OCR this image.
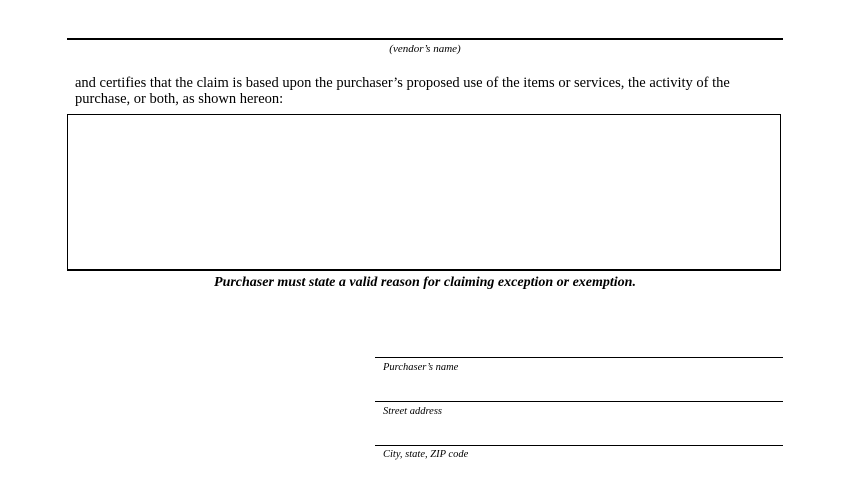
(vendor’s name)
and certifies that the claim is based upon the purchaser’s proposed use of the items or services, the activity of the purchase, or both, as shown hereon:
Purchaser must state a valid reason for claiming exception or exemption.
Purchaser’s name
Street address
City, state, ZIP code
